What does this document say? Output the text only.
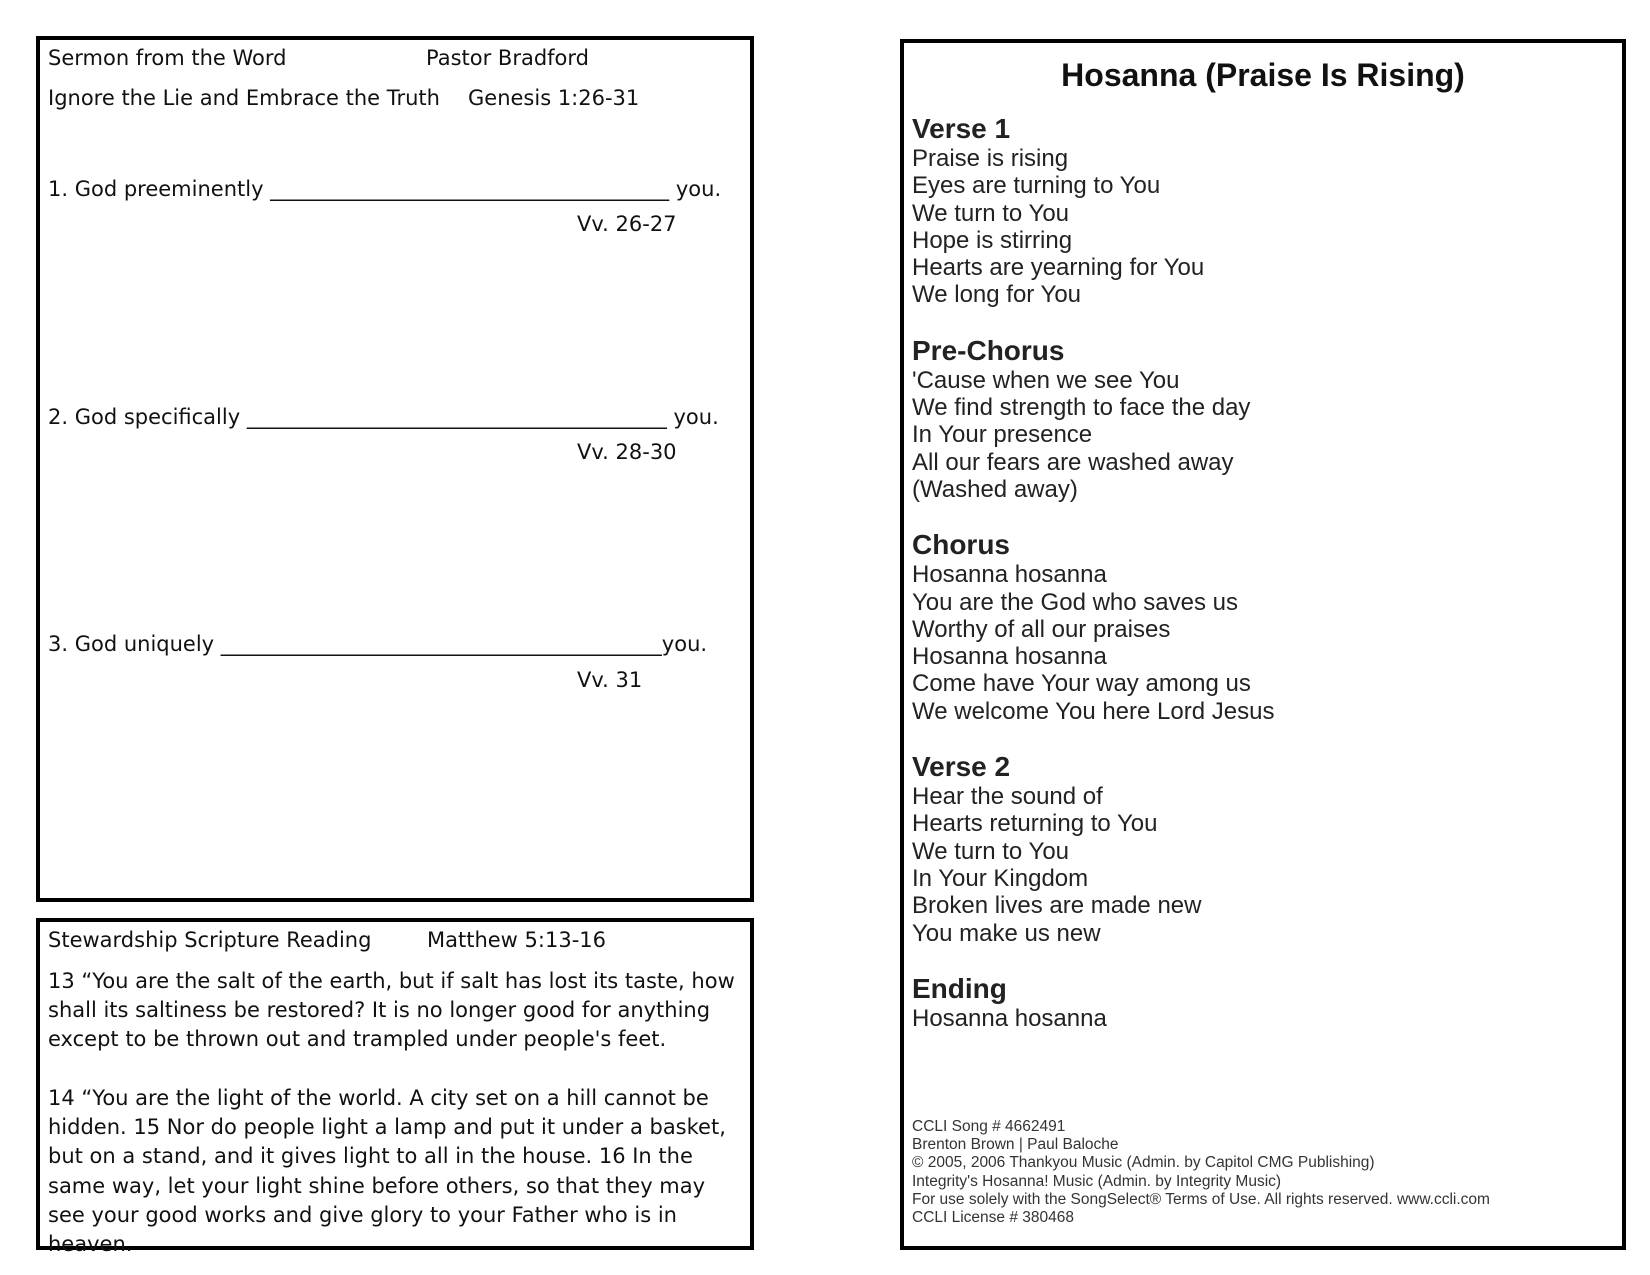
Sermon from the Word	Pastor Bradford
Ignore the Lie and Embrace the Truth Genesis 1:26-31
1. God preeminently ______________________________________ you.
Vv. 26-27
2. God specifically ________________________________________ you.
Vv. 28-30
3. God uniquely __________________________________________you.
Vv. 31
Stewardship Scripture Reading	Matthew 5:13-16
13 “You are the salt of the earth, but if salt has lost its taste, how shall its saltiness be restored? It is no longer good for anything except to be thrown out and trampled under people's feet.
14 “You are the light of the world. A city set on a hill cannot be hidden. 15 Nor do people light a lamp and put it under a basket, but on a stand, and it gives light to all in the house. 16 In the same way, let your light shine before others, so that they may see your good works and give glory to your Father who is in heaven.
Hosanna (Praise Is Rising)
Verse 1
Praise is rising
Eyes are turning to You
We turn to You
Hope is stirring
Hearts are yearning for You
We long for You
Pre-Chorus
'Cause when we see You
We find strength to face the day
In Your presence
All our fears are washed away
(Washed away)
Chorus
Hosanna hosanna
You are the God who saves us
Worthy of all our praises
Hosanna hosanna
Come have Your way among us
We welcome You here Lord Jesus
Verse 2
Hear the sound of
Hearts returning to You
We turn to You
In Your Kingdom
Broken lives are made new
You make us new
Ending
Hosanna hosanna
CCLI Song # 4662491
Brenton Brown | Paul Baloche
© 2005, 2006 Thankyou Music (Admin. by Capitol CMG Publishing)
Integrity's Hosanna! Music (Admin. by Integrity Music)
For use solely with the SongSelect® Terms of Use. All rights reserved. www.ccli.com
CCLI License # 380468
